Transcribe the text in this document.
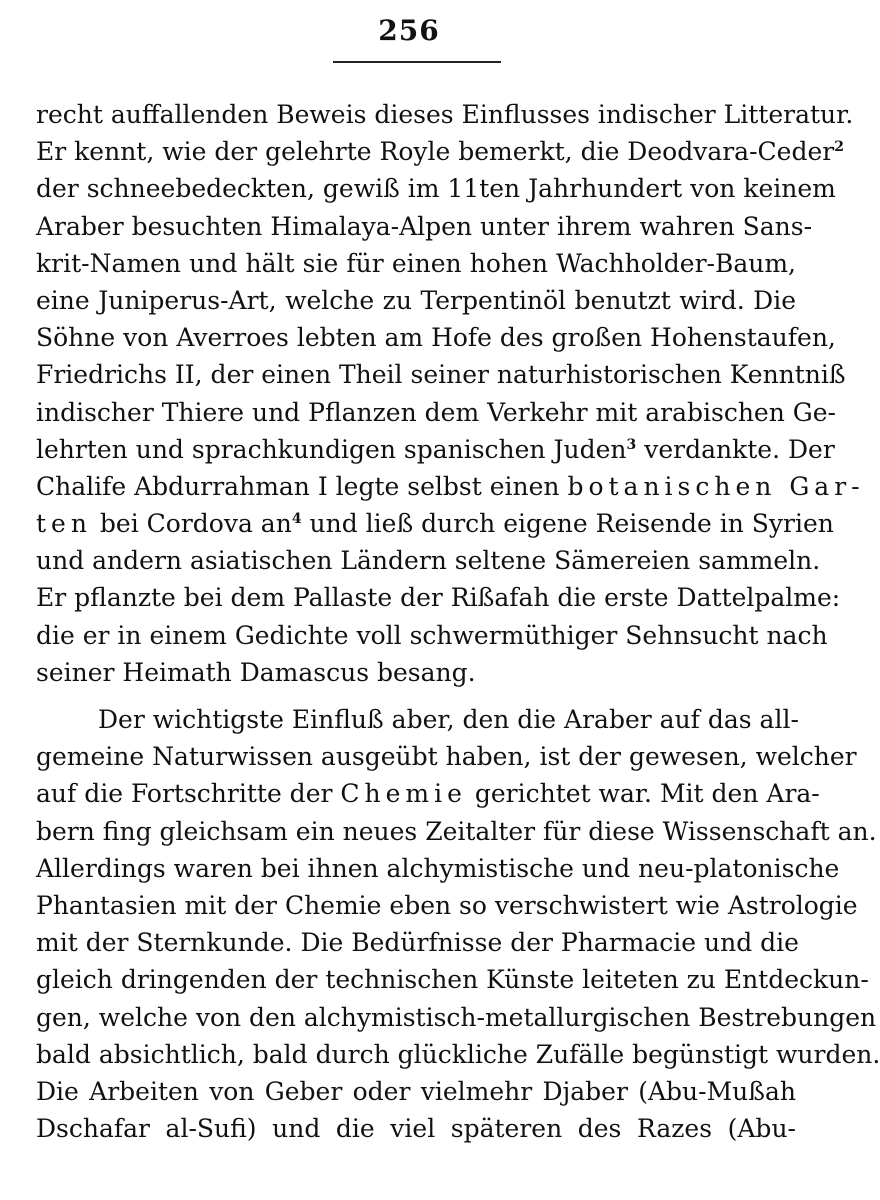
256
recht auffallenden Beweis dieses Einflusses indischer Litteratur.
Er kennt, wie der gelehrte Royle bemerkt, die Deodvara-Ceder$^2$
der schneebedeckten, gewiß im 11ten Jahrhundert von keinem
Araber besuchten Himalaya-Alpen unter ihrem wahren Sans-
krit-Namen und hält sie für einen hohen Wachholder-Baum,
eine Juniperus-Art, welche zu Terpentinöl benutzt wird. Die
Söhne von Averroes lebten am Hofe des großen Hohenstaufen,
Friedrichs II, der einen Theil seiner naturhistorischen Kenntniß
indischer Thiere und Pflanzen dem Verkehr mit arabischen Ge-
lehrten und sprachkundigen spanischen Juden$^3$ verdankte. Der
Chalife Abdurrahman I legte selbst einen botanischen Gar-
ten bei Cordova $an^4$ und ließ durch eigene Reisende in Syrien
und andern asiatischen Ländern seltene Sämereien sammeln.
Er pflanzte bei dem Pallaste der Rißafah die erste Dattelpalme:
die er in einem Gedichte voll schwermüthiger Sehnsucht nach
seiner Heimath Damascus besang.
Der wichtigste Einfluß aber, den die Araber auf das all-
gemeine Naturwissen ausgeübt haben, ist der gewesen, welcher
auf die Fortschritte der Chemie gerichtet war. Mit den Ara-
bern fing gleichsam ein neues Zeitalter für diese Wissenschaft an.
Allerdings waren bei ihnen alchymistische und neu-platonische
Phantasien mit der Chemie eben so verschwistert wie Astrologie
mit der Sternkunde. Die Bedürfnisse der Pharmacie und die
gleich dringenden der technischen Künste leiteten zu Entdeckun-
gen, welche von den alchymistisch-metallurgischen Bestrebungen
bald absichtlich, bald durch glückliche Zufälle begünstigt wurden.
Die Arbeiten von Geber oder vielmehr Djaber (Abu-Mußah
Dschafar al-Sufi) und die viel späteren des Razes (Abu-
